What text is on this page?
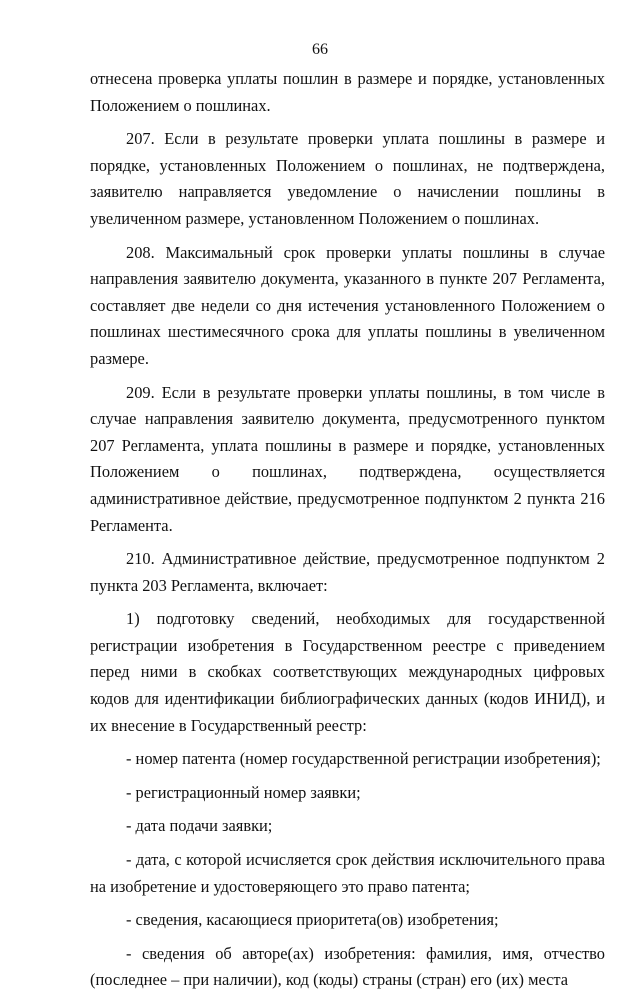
66

отнесена проверка уплаты пошлин в размере и порядке, установленных Положением о пошлинах.

207. Если в результате проверки уплата пошлины в размере и порядке, установленных Положением о пошлинах, не подтверждена, заявителю направляется уведомление о начислении пошлины в увеличенном размере, установленном Положением о пошлинах.

208. Максимальный срок проверки уплаты пошлины в случае направления заявителю документа, указанного в пункте 207 Регламента, составляет две недели со дня истечения установленного Положением о пошлинах шестимесячного срока для уплаты пошлины в увеличенном размере.

209. Если в результате проверки уплаты пошлины, в том числе в случае направления заявителю документа, предусмотренного пунктом 207 Регламента, уплата пошлины в размере и порядке, установленных Положением о пошлинах, подтверждена, осуществляется административное действие, предусмотренное подпунктом 2 пункта 216 Регламента.

210. Административное действие, предусмотренное подпунктом 2 пункта 203 Регламента, включает:

1) подготовку сведений, необходимых для государственной регистрации изобретения в Государственном реестре с приведением перед ними в скобках соответствующих международных цифровых кодов для идентификации библиографических данных (кодов ИНИД), и их внесение в Государственный реестр:

- номер патента (номер государственной регистрации изобретения);

- регистрационный номер заявки;

- дата подачи заявки;

- дата, с которой исчисляется срок действия исключительного права на изобретение и удостоверяющего это право патента;

- сведения, касающиеся приоритета(ов) изобретения;

- сведения об авторе(ах) изобретения: фамилия, имя, отчество (последнее – при наличии), код (коды) страны (стран) его (их) места
